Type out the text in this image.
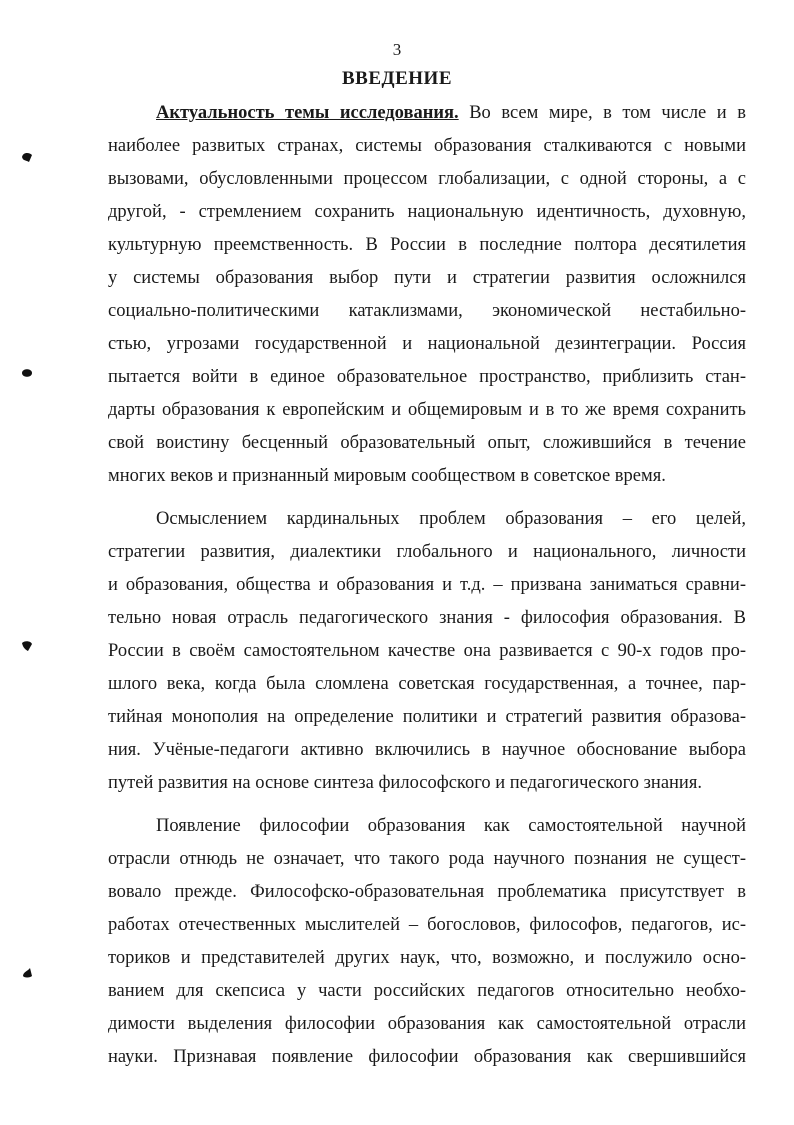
3
ВВЕДЕНИЕ
Актуальность темы исследования. Во всем мире, в том числе и в
наиболее развитых странах, системы образования сталкиваются с новыми
вызовами, обусловленными процессом глобализации, с одной стороны, а с
другой, - стремлением сохранить национальную идентичность, духовную,
культурную преемственность. В России в последние полтора десятилетия
у системы образования выбор пути и стратегии развития осложнился
социально-политическими катаклизмами, экономической нестабильно-
стью, угрозами государственной и национальной дезинтеграции. Россия
пытается войти в единое образовательное пространство, приблизить стан-
дарты образования к европейским и общемировым и в то же время сохранить
свой воистину бесценный образовательный опыт, сложившийся в течение
многих веков и признанный мировым сообществом в советское время.
Осмыслением кардинальных проблем образования – его целей,
стратегии развития, диалектики глобального и национального, личности
и образования, общества и образования и т.д. – призвана заниматься сравни-
тельно новая отрасль педагогического знания - философия образования. В
России в своём самостоятельном качестве она развивается с 90-х годов про-
шлого века, когда была сломлена советская государственная, а точнее, пар-
тийная монополия на определение политики и стратегий развития образова-
ния. Учёные-педагоги активно включились в научное обоснование выбора
путей развития на основе синтеза философского и педагогического знания.
Появление философии образования как самостоятельной научной
отрасли отнюдь не означает, что такого рода научного познания не сущест-
вовало прежде. Философско-образовательная проблематика присутствует в
работах отечественных мыслителей – богословов, философов, педагогов, ис-
ториков и представителей других наук, что, возможно, и послужило осно-
ванием для скепсиса у части российских педагогов относительно необхо-
димости выделения философии образования как самостоятельной отрасли
науки. Признавая появление философии образования как свершившийся
